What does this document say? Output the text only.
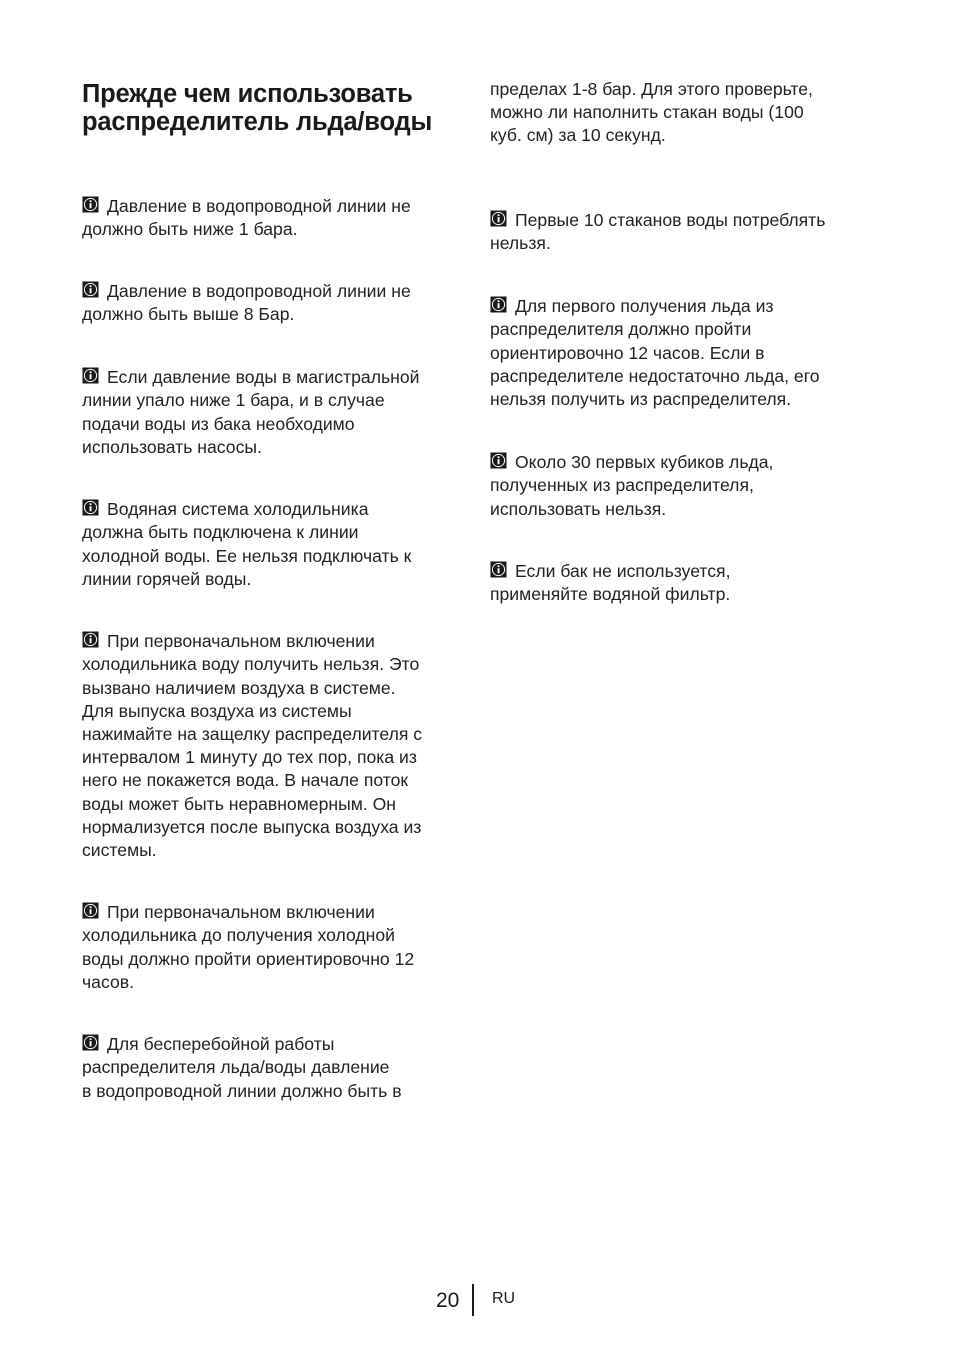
Прежде чем использовать
распределитель льда/воды

Давление в водопроводной линии не
должно быть ниже 1 бара.

Давление в водопроводной линии не
должно быть выше 8 Бар.

Если давление воды в магистральной
линии упало ниже 1 бара, и в случае
подачи воды из бака необходимо
использовать насосы.

Водяная система холодильника
должна быть подключена к линии
холодной воды. Ее нельзя подключать к
линии горячей воды.

При первоначальном включении
холодильника воду получить нельзя. Это
вызвано наличием воздуха в системе.
Для выпуска воздуха из системы
нажимайте на защелку распределителя с
интервалом 1 минуту до тех пор, пока из
него не покажется вода. В начале поток
воды может быть неравномерным. Он
нормализуется после выпуска воздуха из
системы.

При первоначальном включении
холодильника до получения холодной
воды должно пройти ориентировочно 12
часов.

Для бесперебойной работы
распределителя льда/воды давление
в водопроводной линии должно быть в

пределах 1-8 бар. Для этого проверьте,
можно ли наполнить стакан воды (100
куб. см) за 10 секунд.

Первые 10 стаканов воды потреблять
нельзя.

Для первого получения льда из
распределителя должно пройти
ориентировочно 12 часов. Если в
распределителе недостаточно льда, его
нельзя получить из распределителя.

Около 30 первых кубиков льда,
полученных из распределителя,
использовать нельзя.

Если бак не используется,
применяйте водяной фильтр.

20 RU
